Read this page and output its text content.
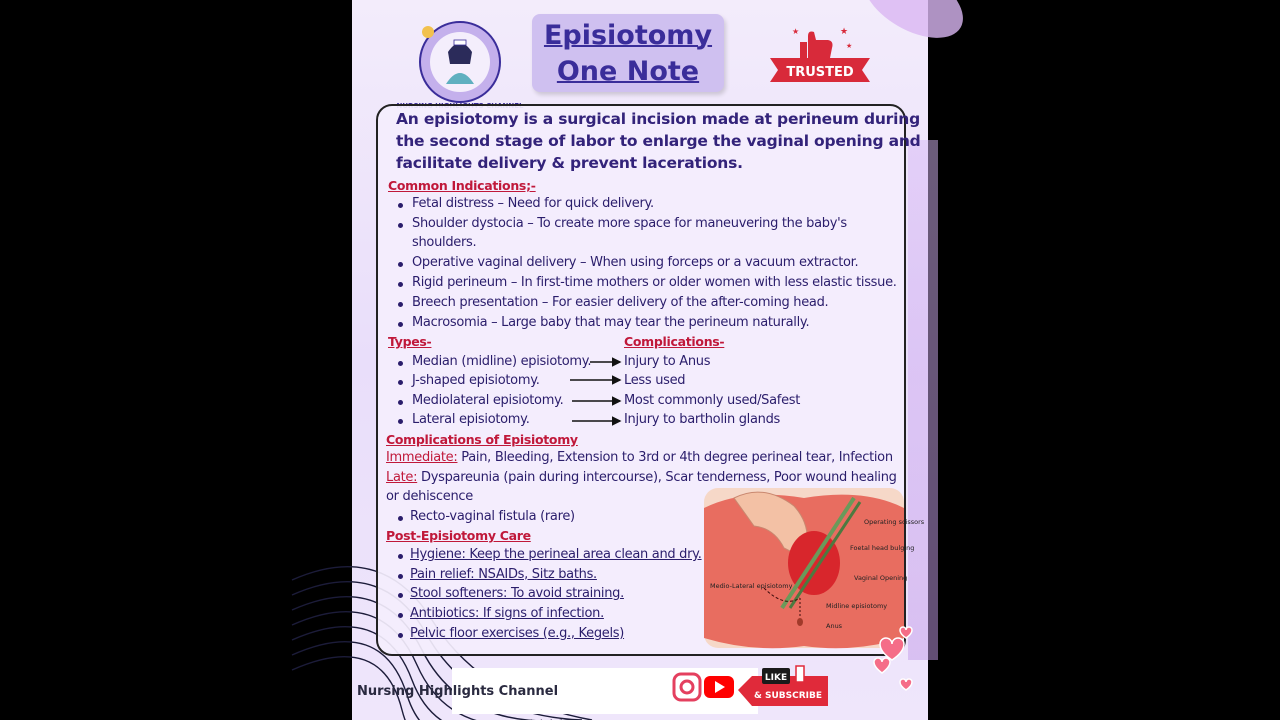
Episiotomy
One Note	TRUSTED
★
★
★
An episiotomy is a surgical incision made at perineum during
the second stage of labor to enlarge the vaginal opening and
facilitate delivery & prevent lacerations.
Common Indications;-
Fetal distress – Need for quick delivery.
Shoulder dystocia – To create more space for maneuvering the baby's
shoulders.
Operative vaginal delivery – When using forceps or a vacuum extractor.
Rigid perineum – In first-time mothers or older women with less elastic tissue.
Breech presentation – For easier delivery of the after-coming head.
Macrosomia – Large baby that may tear the perineum naturally.
Types-	Complications-
Median (midline) episiotomy.	Injury to Anus
J-shaped episiotomy.	Less used
Mediolateral episiotomy.	Most commonly used/Safest
Lateral episiotomy.	Injury to bartholin glands
Complications of Episiotomy
Immediate: Pain, Bleeding, Extension to 3rd or 4th degree perineal tear, Infection
Late: Dyspareunia (pain during intercourse), Scar tenderness, Poor wound healing
or dehiscence
Recto-vaginal fistula (rare)
Post-Episiotomy Care
Hygiene: Keep the perineal area clean and dry.
Pain relief: NSAIDs, Sitz baths.
Stool softeners: To avoid straining.
Antibiotics: If signs of infection.
Pelvic floor exercises (e.g., Kegels)
Operating scissors
Foetal head bulging
Vaginal Opening
Medio-Lateral episiotomy
Midline episiotomy
Anus
LIKE
& SUBSCRIBE
Nursing Highlights Channel
